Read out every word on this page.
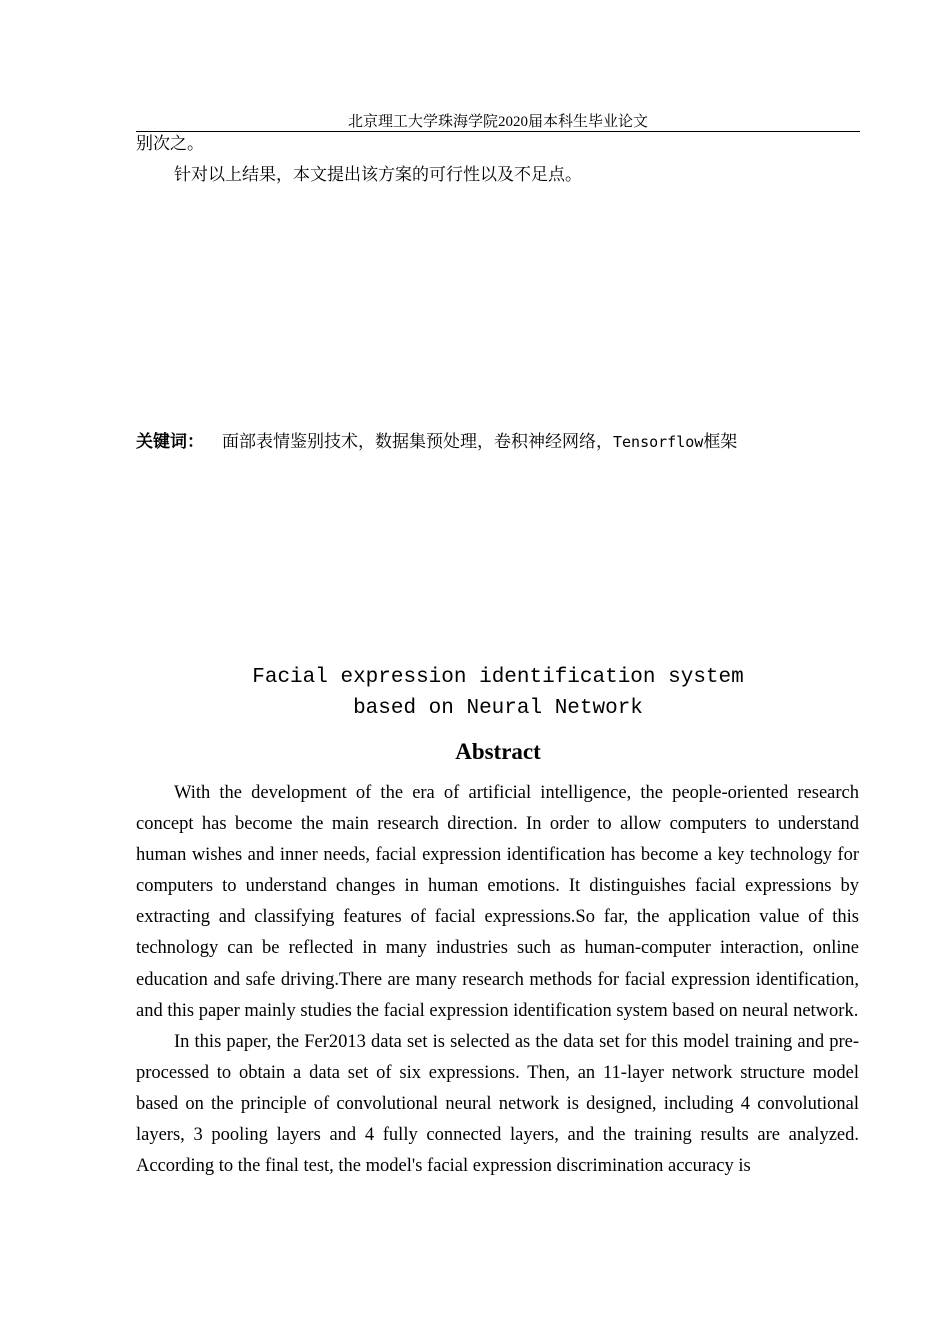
北京理工大学珠海学院2020届本科生毕业论文
别次之。
针对以上结果，本文提出该方案的可行性以及不足点。
关键词： 面部表情鉴别技术，数据集预处理，卷积神经网络，Tensorflow框架
Facial expression identification system
based on Neural Network
Abstract

With the development of the era of artificial intelligence, the people-oriented research concept has become the main research direction. In order to allow computers to understand human wishes and inner needs, facial expression identification has become a key technology for computers to understand changes in human emotions. It distinguishes facial expressions by extracting and classifying features of facial expressions.So far, the application value of this technology can be reflected in many industries such as human-computer interaction, online education and safe driving.There are many research methods for facial expression identification, and this paper mainly studies the facial expression identification system based on neural network.

In this paper, the Fer2013 data set is selected as the data set for this model training and pre-processed to obtain a data set of six expressions. Then, an 11-layer network structure model based on the principle of convolutional neural network is designed, including 4 convolutional layers, 3 pooling layers and 4 fully connected layers, and the training results are analyzed. According to the final test, the model's facial expression discrimination accuracy is
